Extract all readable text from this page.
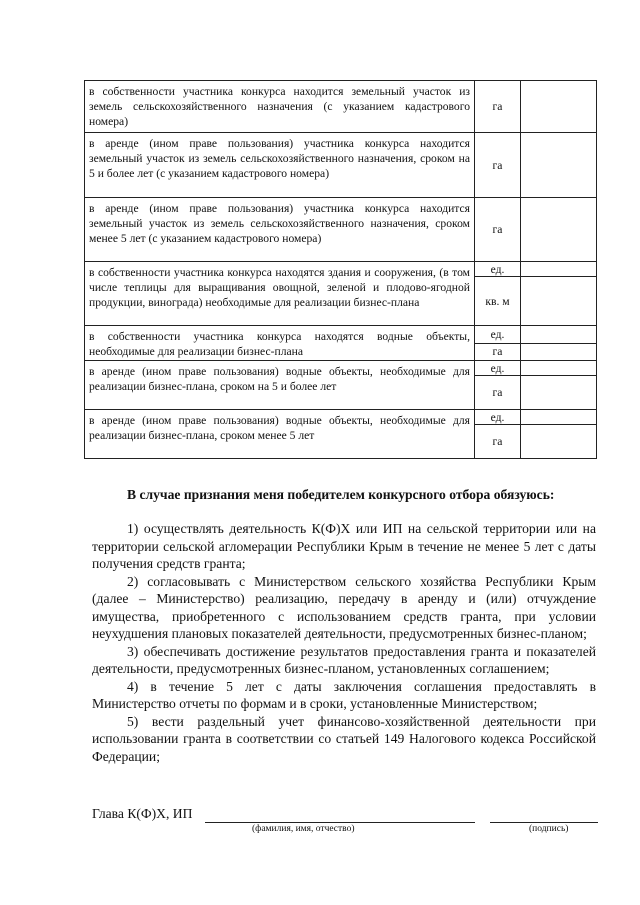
в собственности участника конкурса находится земельный участок из земель сельскохозяйственного назначения (с указанием кадастрового номера)	га	
в аренде (ином праве пользования) участника конкурса находится земельный участок из земель сельскохозяйственного назначения, сроком на 5 и более лет (с указанием кадастрового номера)	га	
в аренде (ином праве пользования) участника конкурса находится земельный участок из земель сельскохозяйственного назначения, сроком менее 5 лет (с указанием кадастрового номера)	га	
в собственности участника конкурса находятся здания и сооружения, (в том числе теплицы для выращивания овощной, зеленой и плодово-ягодной продукции, винограда) необходимые для реализации бизнес-плана	ед.	
	кв. м	
в собственности участника конкурса находятся водные объекты, необходимые для реализации бизнес-плана	ед.	
	га	
в аренде (ином праве пользования) водные объекты, необходимые для реализации бизнес-плана, сроком на 5 и более лет	ед.	
	га	
в аренде (ином праве пользования) водные объекты, необходимые для реализации бизнес-плана, сроком менее 5 лет	ед.	
	га	
В случае признания меня победителем конкурсного отбора обязуюсь:

1) осуществлять деятельность К(Ф)Х или ИП на сельской территории или на территории сельской агломерации Республики Крым в течение не менее 5 лет с даты получения средств гранта;

2) согласовывать с Министерством сельского хозяйства Республики Крым (далее – Министерство) реализацию, передачу в аренду и (или) отчуждение имущества, приобретенного с использованием средств гранта, при условии неухудшения плановых показателей деятельности, предусмотренных бизнес-планом;

3) обеспечивать достижение результатов предоставления гранта и показателей деятельности, предусмотренных бизнес-планом, установленных соглашением;

4) в течение 5 лет с даты заключения соглашения предоставлять в Министерство отчеты по формам и в сроки, установленные Министерством;

5) вести раздельный учет финансово-хозяйственной деятельности при использовании гранта в соответствии со статьей 149 Налогового кодекса Российской Федерации;

Глава К(Ф)Х, ИП
(фамилия, имя, отчество)	(подпись)
